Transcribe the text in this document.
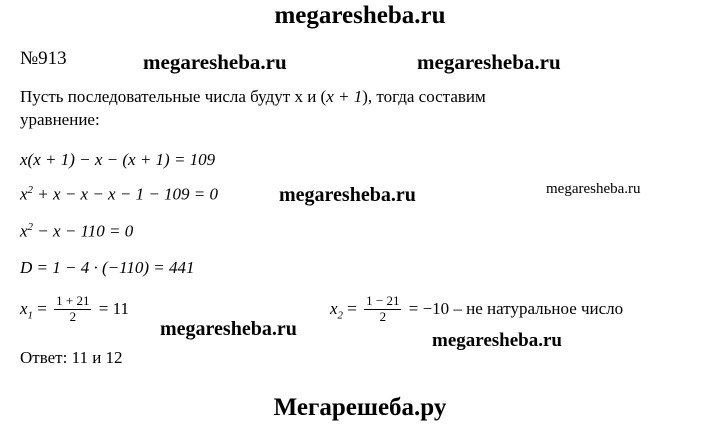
megaresheba.ru
megaresheba.ru	megaresheba.ru
megaresheba.ru	megaresheba.ru
megaresheba.ru
megaresheba.ru
Мегарешеба.ру
№913
Пусть последовательные числа будут х и (x + 1), тогда составим
уравнение:
x(x + 1) − x − (x + 1) = 109
$x^2 + x - x - x - 1 - 109 = 0$
$x^2 - x - 110 = 0$
D = 1 − 4 · (−110) = 441
$x_1 = \frac{1 + 21}{2} = 11$	$x_2 = \frac{1 - 21}{2} = -10$ – не натуральное число
Ответ: 11 и 12
